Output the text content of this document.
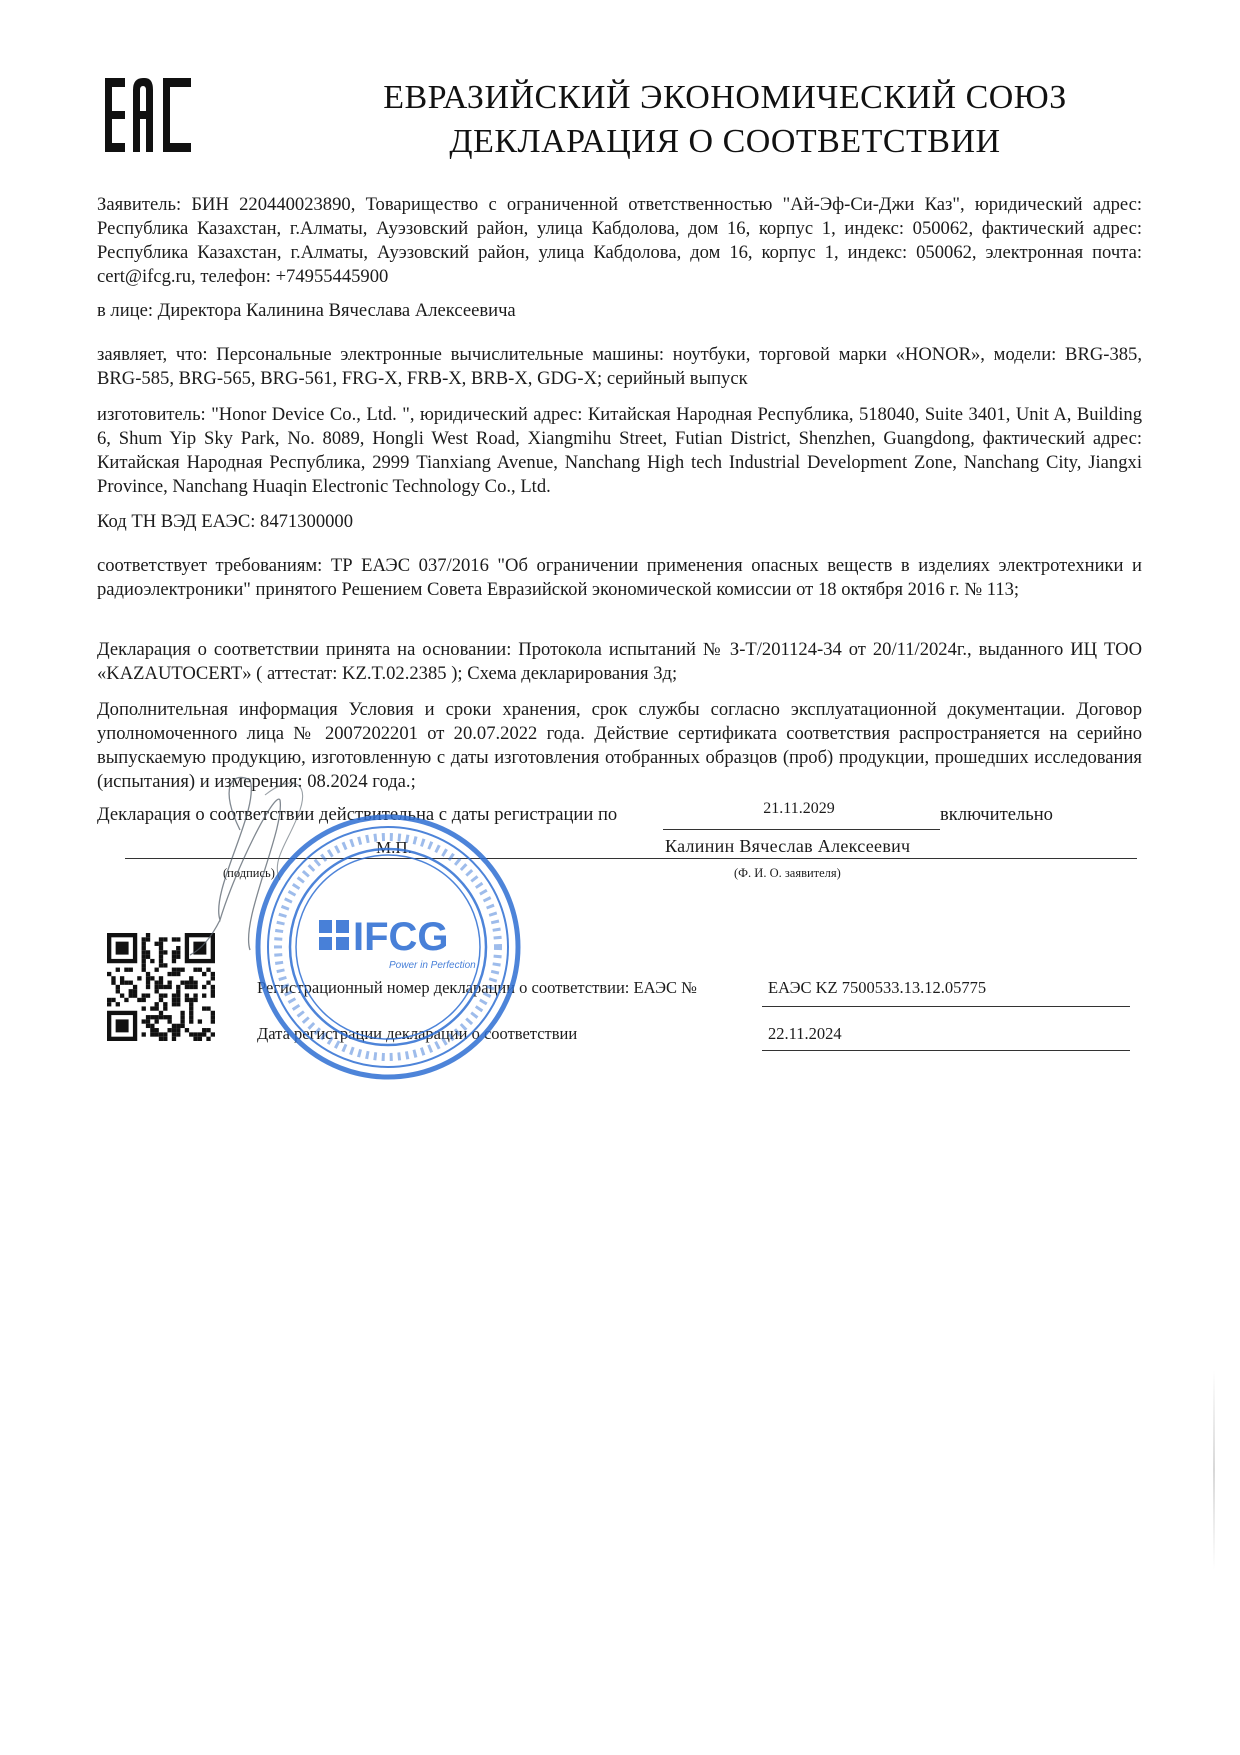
ЕВРАЗИЙСКИЙ ЭКОНОМИЧЕСКИЙ СОЮЗ
ДЕКЛАРАЦИЯ О СООТВЕТСТВИИ
Заявитель: БИН 220440023890, Товарищество с ограниченной ответственностью "Ай-Эф-Си-Джи Каз", юридический адрес: Республика Казахстан, г.Алматы, Ауэзовский район, улица Кабдолова, дом 16, корпус 1, индекс: 050062, фактический адрес: Республика Казахстан, г.Алматы, Ауэзовский район, улица Кабдолова, дом 16, корпус 1, индекс: 050062, электронная почта: cert@ifcg.ru, телефон: +74955445900
в лице: Директора Калинина Вячеслава Алексеевича
заявляет, что: Персональные электронные вычислительные машины: ноутбуки, торговой марки «HONOR», модели: BRG-385, BRG-585, BRG-565, BRG-561, FRG-X, FRB-X, BRB-X, GDG-X; серийный выпуск
изготовитель: "Honor Device Co., Ltd. ", юридический адрес: Китайская Народная Республика, 518040, Suite 3401, Unit A, Building 6, Shum Yip Sky Park, No. 8089, Hongli West Road, Xiangmihu Street, Futian District, Shenzhen, Guangdong, фактический адрес: Китайская Народная Республика, 2999 Tianxiang Avenue, Nanchang High tech Industrial Development Zone, Nanchang City, Jiangxi Province, Nanchang Huaqin Electronic Technology Co., Ltd.
Код ТН ВЭД ЕАЭС: 8471300000
соответствует требованиям: ТР ЕАЭС 037/2016 "Об ограничении применения опасных веществ в изделиях электротехники и радиоэлектроники" принятого Решением Совета Евразийской экономической комиссии от 18 октября 2016 г. № 113;
Декларация о соответствии принята на основании: Протокола испытаний № З-Т/201124-34 от 20/11/2024г., выданного ИЦ ТОО «KAZAUTOCERT» ( аттестат: KZ.T.02.2385 ); Схема декларирования 3д;
Дополнительная информация Условия и сроки хранения, срок службы согласно эксплуатационной документации. Договор уполномоченного лица № 2007202201 от 20.07.2022 года. Действие сертификата соответствия распространяется на серийно выпускаемую продукцию, изготовленную с даты изготовления отобранных образцов (проб) продукции, прошедших исследования (испытания) и измерения: 08.2024 года.;
Декларация о соответствии действительна с даты регистрации по	21.11.2029	включительно
М.П.	Калинин Вячеслав Алексеевич
(подпись)	(Ф. И. О. заявителя)
Регистрационный номер декларации о соответствии: ЕАЭС №	ЕАЭС KZ 7500533.13.12.05775
Дата регистрации декларации о соответствии	22.11.2024
IFCG
Power in Perfection
